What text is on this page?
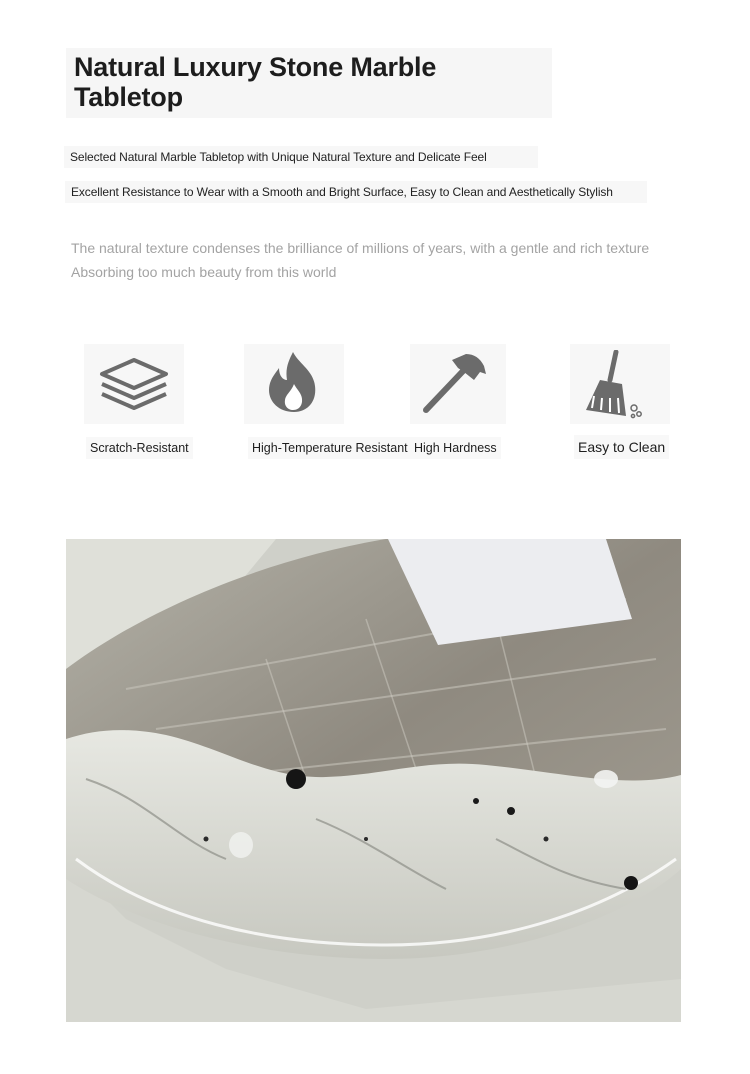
Natural Luxury Stone Marble
Tabletop
Selected Natural Marble Tabletop with Unique Natural Texture and Delicate Feel
Excellent Resistance to Wear with a Smooth and Bright Surface, Easy to Clean and Aesthetically Stylish
The natural texture condenses the brilliance of millions of years, with a gentle and rich texture
Absorbing too much beauty from this world
Scratch-Resistant	High-Temperature Resistant High Hardness	Easy to Clean
